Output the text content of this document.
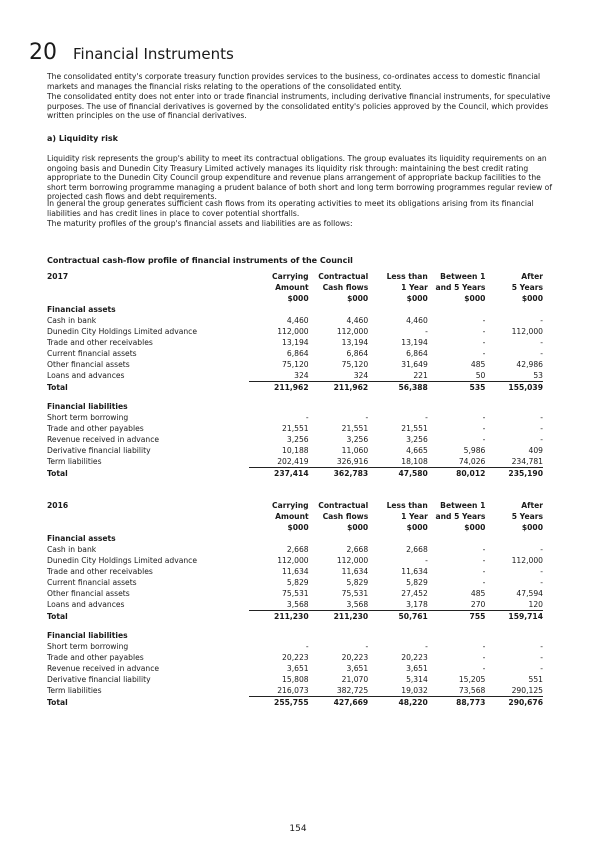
20 Financial Instruments

The consolidated entity's corporate treasury function provides services to the business, co-ordinates access to domestic financial markets and manages the financial risks relating to the operations of the consolidated entity.

The consolidated entity does not enter into or trade financial instruments, including derivative financial instruments, for speculative purposes. The use of financial derivatives is governed by the consolidated entity's policies approved by the Council, which provides written principles on the use of financial derivatives.

a) Liquidity risk

Liquidity risk represents the group's ability to meet its contractual obligations. The group evaluates its liquidity requirements on an ongoing basis and Dunedin City Treasury Limited actively manages its liquidity risk through: maintaining the best credit rating appropriate to the Dunedin City Council group expenditure and revenue plans arrangement of appropriate backup facilities to the short term borrowing programme managing a prudent balance of both short and long term borrowing programmes regular review of projected cash flows and debt requirements.

In general the group generates sufficient cash flows from its operating activities to meet its obligations arising from its financial liabilities and has credit lines in place to cover potential shortfalls.

The maturity profiles of the group's financial assets and liabilities are as follows:

Contractual cash-flow profile of financial instruments of the Council

2017	Carrying	Contractual	Less than	Between 1	After
	Amount	Cash flows	1 Year	and 5 Years	5 Years
	$000	$000	$000	$000	$000
Financial assets					
Cash in bank	4,460	4,460	4,460	-	-
Dunedin City Holdings Limited advance	112,000	112,000	-	-	112,000
Trade and other receivables	13,194	13,194	13,194	-	-
Current financial assets	6,864	6,864	6,864	-	-
Other financial assets	75,120	75,120	31,649	485	42,986
Loans and advances	324	324	221	50	53
Total	211,962	211,962	56,388	535	155,039
Financial liabilities					
Short term borrowing	-	-	-	-	-
Trade and other payables	21,551	21,551	21,551	-	-
Revenue received in advance	3,256	3,256	3,256	-	-
Derivative financial liability	10,188	11,060	4,665	5,986	409
Term liabilities	202,419	326,916	18,108	74,026	234,781
Total	237,414	362,783	47,580	80,012	235,190
2016	Carrying	Contractual	Less than	Between 1	After
	Amount	Cash flows	1 Year	and 5 Years	5 Years
	$000	$000	$000	$000	$000
Financial assets					
Cash in bank	2,668	2,668	2,668	-	-
Dunedin City Holdings Limited advance	112,000	112,000	-	-	112,000
Trade and other receivables	11,634	11,634	11,634	-	-
Current financial assets	5,829	5,829	5,829	-	-
Other financial assets	75,531	75,531	27,452	485	47,594
Loans and advances	3,568	3,568	3,178	270	120
Total	211,230	211,230	50,761	755	159,714
Financial liabilities					
Short term borrowing	-	-	-	-	-
Trade and other payables	20,223	20,223	20,223	-	-
Revenue received in advance	3,651	3,651	3,651	-	-
Derivative financial liability	15,808	21,070	5,314	15,205	551
Term liabilities	216,073	382,725	19,032	73,568	290,125
Total	255,755	427,669	48,220	88,773	290,676
154
